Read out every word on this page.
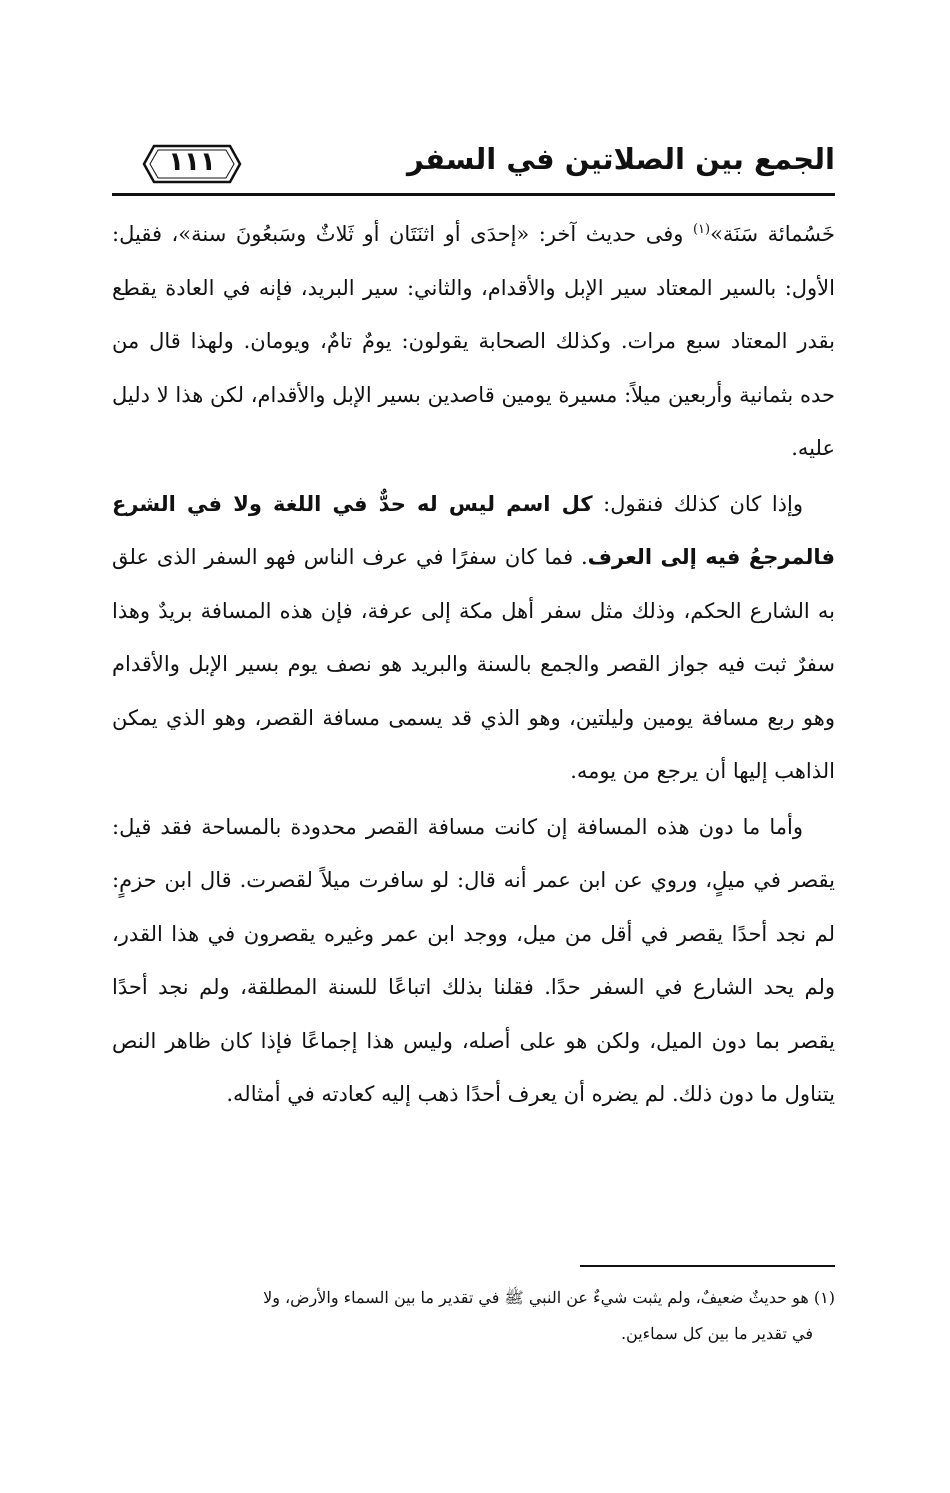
الجمع بين الصلاتين في السفر
١١١

خَسُمائة سَنَة»$^{(١)}$ وفى حديث آخر: «إحدَى أو اثنَتَان أو ثَلاثٌ وسَبعُونَ سنة»، فقيل: الأول: بالسير المعتاد سير الإبل والأقدام، والثاني: سير البريد، فإنه في العادة يقطع بقدر المعتاد سبع مرات. وكذلك الصحابة يقولون: يومٌ تامٌ، ويومان. ولهذا قال من حده بثمانية وأربعين ميلاً: مسيرة يومين قاصدين بسير الإبل والأقدام، لكن هذا لا دليل عليه.

وإذا كان كذلك فنقول: كل اسم ليس له حدٌّ في اللغة ولا في الشرع فالمرجعُ فيه إلى العرف. فما كان سفرًا في عرف الناس فهو السفر الذى علق به الشارع الحكم، وذلك مثل سفر أهل مكة إلى عرفة، فإن هذه المسافة بريدٌ وهذا سفرٌ ثبت فيه جواز القصر والجمع بالسنة والبريد هو نصف يوم بسير الإبل والأقدام وهو ربع مسافة يومين وليلتين، وهو الذي قد يسمى مسافة القصر، وهو الذي يمكن الذاهب إليها أن يرجع من يومه.

وأما ما دون هذه المسافة إن كانت مسافة القصر محدودة بالمساحة فقد قيل: يقصر في ميلٍ، وروي عن ابن عمر أنه قال: لو سافرت ميلاً لقصرت. قال ابن حزمٍ: لم نجد أحدًا يقصر في أقل من ميل، ووجد ابن عمر وغيره يقصرون في هذا القدر، ولم يحد الشارع في السفر حدًا. فقلنا بذلك اتباعًا للسنة المطلقة، ولم نجد أحدًا يقصر بما دون الميل، ولكن هو على أصله، وليس هذا إجماعًا فإذا كان ظاهر النص يتناول ما دون ذلك. لم يضره أن يعرف أحدًا ذهب إليه كعادته في أمثاله.

(١) هو حديثٌ ضعيفٌ، ولم يثبت شيءٌ عن النبي ﷺ في تقدير ما بين السماء والأرض، ولا

في تقدير ما بين كل سماءين.
